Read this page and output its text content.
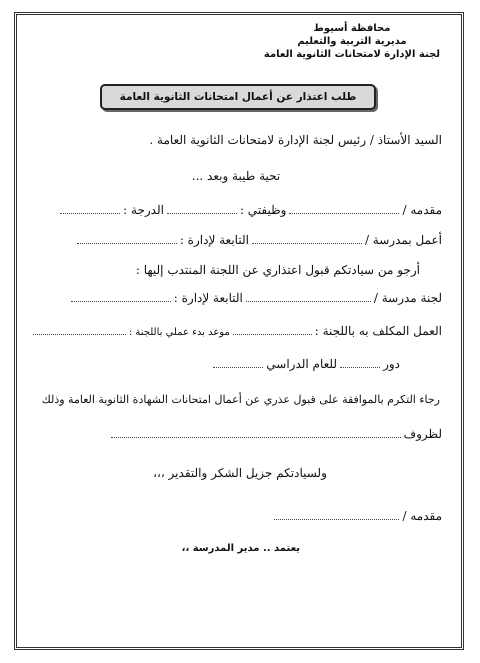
محافظة أسيوط
مديرية التربية والتعليم
لجنة الإدارة لامتحانات الثانوية العامة
طلب اعتذار عن أعمال امتحانات الثانوية العامة
السيد الأستاذ / رئيس لجنة الإدارة لامتحانات الثانوية العامة .
تحية طيبة وبعد ...
مقدمه /
وظيفتي :
الدرجة :
أعمل بمدرسة /
التابعة لإدارة :
أرجو من سيادتكم قبول اعتذاري عن اللجنة المنتدب إليها :
لجنة مدرسة /
التابعة لإدارة :
العمل المكلف به باللجنة :
موعد بدء عملي باللجنة :
دور
للعام الدراسي
رجاء التكرم بالموافقة على قبول عذري عن أعمال امتحانات الشهادة الثانوية العامة وذلك
لظروف
ولسيادتكم جزيل الشكر والتقدير ،،،
مقدمه /
يعتمد .. مدير المدرسة ،،
